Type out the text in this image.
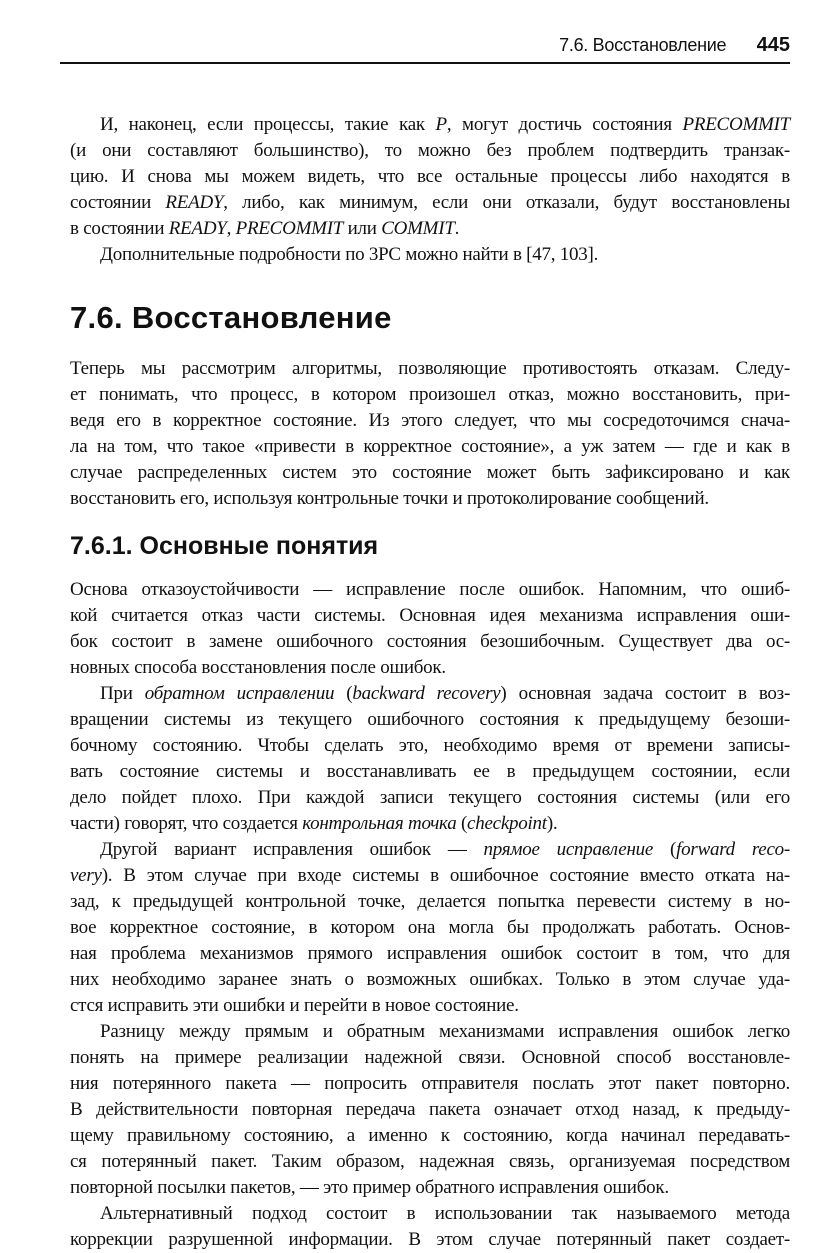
7.6. Восстановление 445
И, наконец, если процессы, такие как P, могут достичь состояния PRECOMMIT
(и они составляют большинство), то можно без проблем подтвердить транзак-
цию. И снова мы можем видеть, что все остальные процессы либо находятся в
состоянии READY, либо, как минимум, если они отказали, будут восстановлены
в состоянии READY, PRECOMMIT или COMMIT.
Дополнительные подробности по 3PC можно найти в [47, 103].
7.6. Восстановление
Теперь мы рассмотрим алгоритмы, позволяющие противостоять отказам. Следу-
ет понимать, что процесс, в котором произошел отказ, можно восстановить, при-
ведя его в корректное состояние. Из этого следует, что мы сосредоточимся снача-
ла на том, что такое «привести в корректное состояние», а уж затем — где и как в
случае распределенных систем это состояние может быть зафиксировано и как
восстановить его, используя контрольные точки и протоколирование сообщений.
7.6.1. Основные понятия
Основа отказоустойчивости — исправление после ошибок. Напомним, что ошиб-
кой считается отказ части системы. Основная идея механизма исправления оши-
бок состоит в замене ошибочного состояния безошибочным. Существует два ос-
новных способа восстановления после ошибок.
При обратном исправлении (backward recovery) основная задача состоит в воз-
вращении системы из текущего ошибочного состояния к предыдущему безоши-
бочному состоянию. Чтобы сделать это, необходимо время от времени записы-
вать состояние системы и восстанавливать ее в предыдущем состоянии, если
дело пойдет плохо. При каждой записи текущего состояния системы (или его
части) говорят, что создается контрольная точка (checkpoint).
Другой вариант исправления ошибок — прямое исправление (forward reco-
very). В этом случае при входе системы в ошибочное состояние вместо отката на-
зад, к предыдущей контрольной точке, делается попытка перевести систему в но-
вое корректное состояние, в котором она могла бы продолжать работать. Основ-
ная проблема механизмов прямого исправления ошибок состоит в том, что для
них необходимо заранее знать о возможных ошибках. Только в этом случае уда-
стся исправить эти ошибки и перейти в новое состояние.
Разницу между прямым и обратным механизмами исправления ошибок легко
понять на примере реализации надежной связи. Основной способ восстановле-
ния потерянного пакета — попросить отправителя послать этот пакет повторно.
В действительности повторная передача пакета означает отход назад, к предыду-
щему правильному состоянию, а именно к состоянию, когда начинал передавать-
ся потерянный пакет. Таким образом, надежная связь, организуемая посредством
повторной посылки пакетов, — это пример обратного исправления ошибок.
Альтернативный подход состоит в использовании так называемого метода
коррекции разрушенной информации. В этом случае потерянный пакет создает-
